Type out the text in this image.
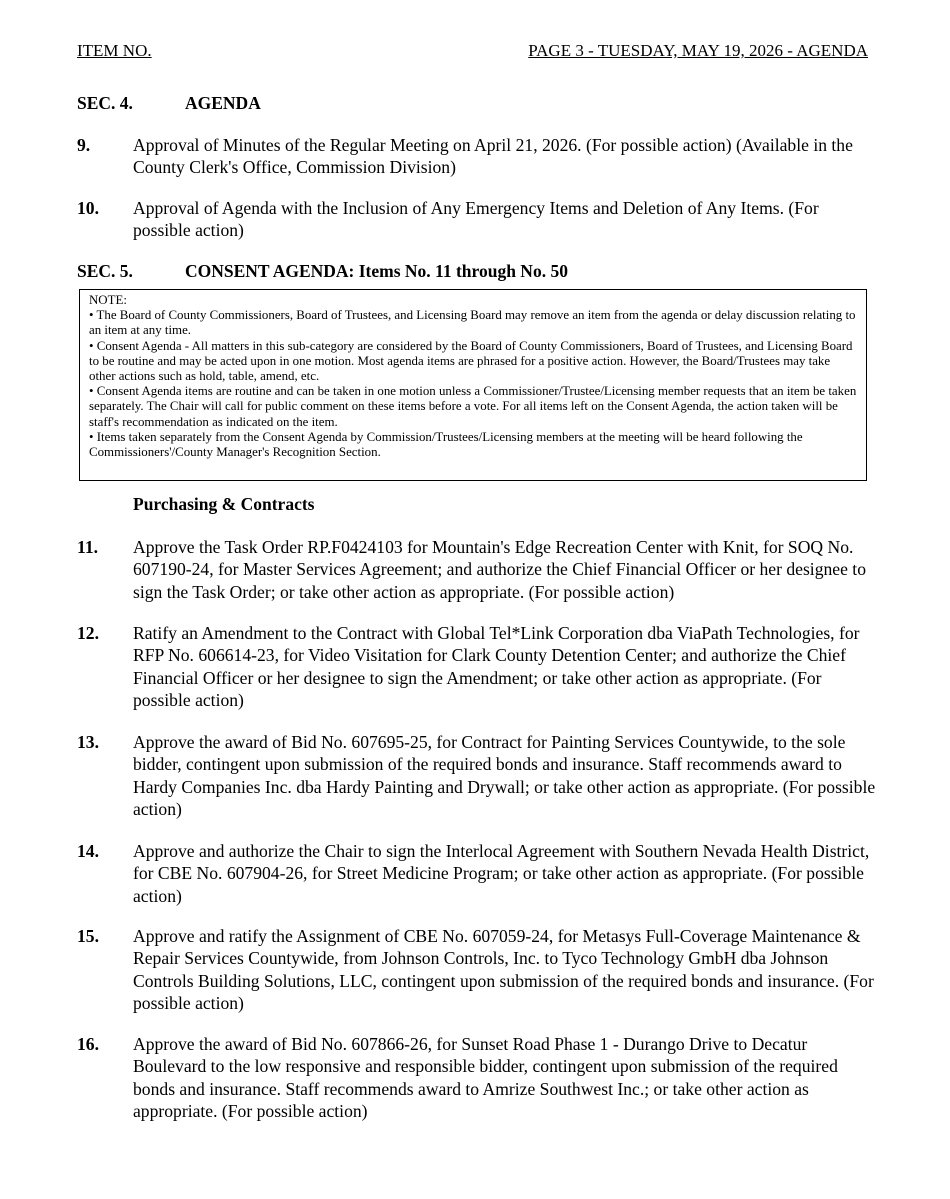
ITEM NO.	PAGE 3 - TUESDAY, MAY 19, 2026 - AGENDA
SEC. 4.	AGENDA
9. Approval of Minutes of the Regular Meeting on April 21, 2026. (For possible action) (Available in the County Clerk's Office, Commission Division)
10. Approval of Agenda with the Inclusion of Any Emergency Items and Deletion of Any Items. (For possible action)
SEC. 5.	CONSENT AGENDA: Items No. 11 through No. 50

NOTE:

• The Board of County Commissioners, Board of Trustees, and Licensing Board may remove an item from the agenda or delay discussion relating to an item at any time.

• Consent Agenda - All matters in this sub-category are considered by the Board of County Commissioners, Board of Trustees, and Licensing Board to be routine and may be acted upon in one motion. Most agenda items are phrased for a positive action. However, the Board/Trustees may take other actions such as hold, table, amend, etc.

• Consent Agenda items are routine and can be taken in one motion unless a Commissioner/Trustee/Licensing member requests that an item be taken separately. The Chair will call for public comment on these items before a vote. For all items left on the Consent Agenda, the action taken will be staff's recommendation as indicated on the item.

• Items taken separately from the Consent Agenda by Commission/Trustees/Licensing members at the meeting will be heard following the Commissioners'/County Manager's Recognition Section.

Purchasing & Contracts
11. Approve the Task Order RP.F0424103 for Mountain's Edge Recreation Center with Knit, for SOQ No. 607190-24, for Master Services Agreement; and authorize the Chief Financial Officer or her designee to sign the Task Order; or take other action as appropriate. (For possible action)
12. Ratify an Amendment to the Contract with Global Tel*Link Corporation dba ViaPath Technologies, for RFP No. 606614-23, for Video Visitation for Clark County Detention Center; and authorize the Chief Financial Officer or her designee to sign the Amendment; or take other action as appropriate. (For possible action)
13. Approve the award of Bid No. 607695-25, for Contract for Painting Services Countywide, to the sole bidder, contingent upon submission of the required bonds and insurance. Staff recommends award to Hardy Companies Inc. dba Hardy Painting and Drywall; or take other action as appropriate. (For possible action)
14. Approve and authorize the Chair to sign the Interlocal Agreement with Southern Nevada Health District, for CBE No. 607904-26, for Street Medicine Program; or take other action as appropriate. (For possible action)
15. Approve and ratify the Assignment of CBE No. 607059-24, for Metasys Full-Coverage Maintenance & Repair Services Countywide, from Johnson Controls, Inc. to Tyco Technology GmbH dba Johnson Controls Building Solutions, LLC, contingent upon submission of the required bonds and insurance. (For possible action)
16. Approve the award of Bid No. 607866-26, for Sunset Road Phase 1 - Durango Drive to Decatur Boulevard to the low responsive and responsible bidder, contingent upon submission of the required bonds and insurance. Staff recommends award to Amrize Southwest Inc.; or take other action as appropriate. (For possible action)
